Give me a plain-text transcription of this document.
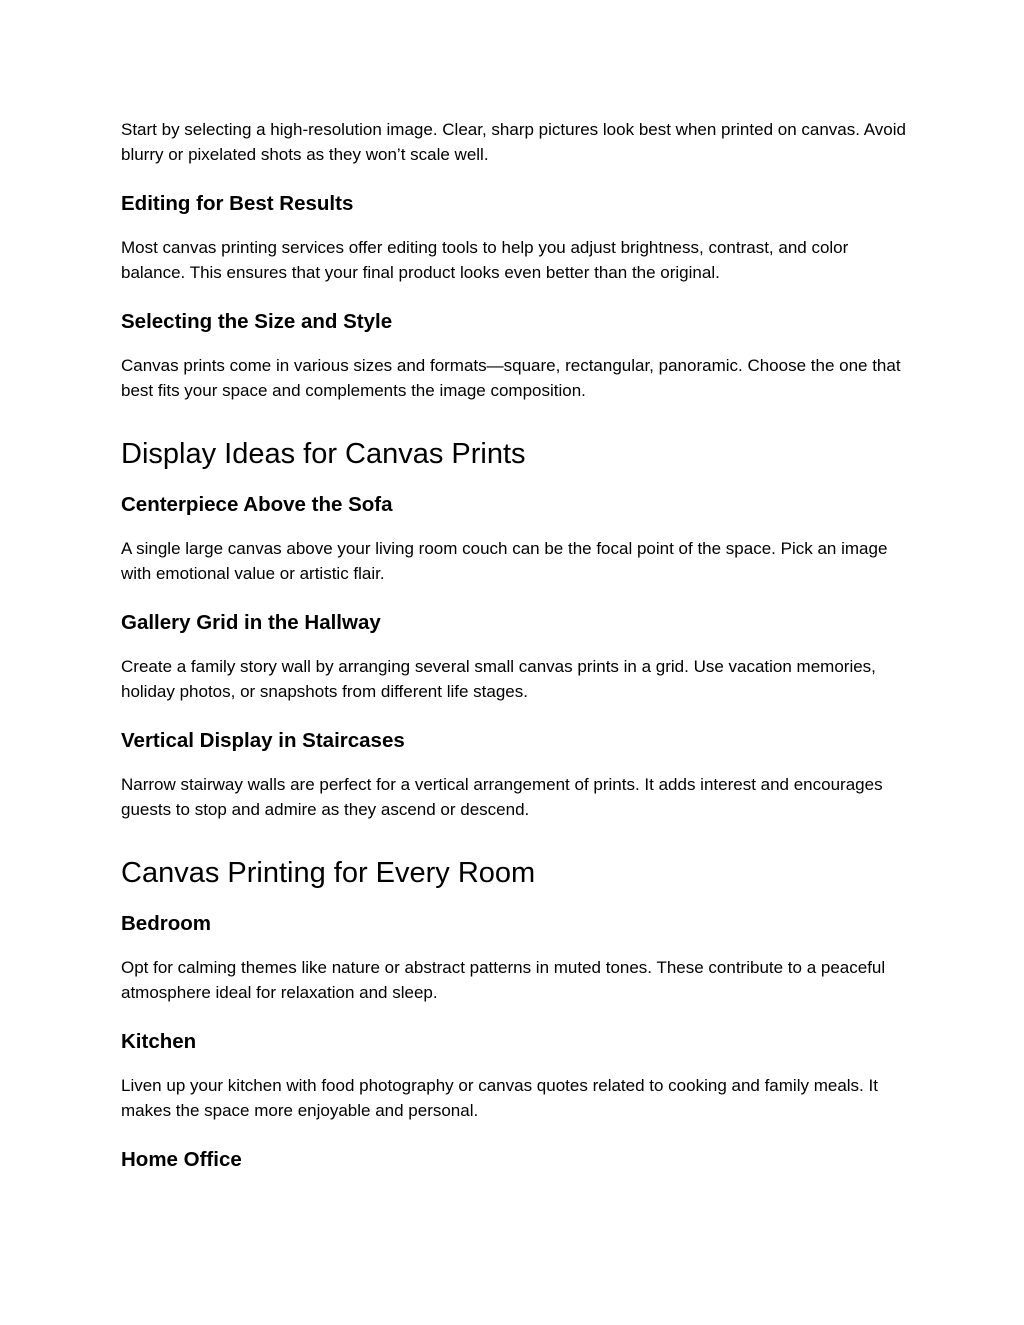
Start by selecting a high-resolution image. Clear, sharp pictures look best when printed on canvas. Avoid blurry or pixelated shots as they won’t scale well.

Editing for Best Results

Most canvas printing services offer editing tools to help you adjust brightness, contrast, and color balance. This ensures that your final product looks even better than the original.

Selecting the Size and Style

Canvas prints come in various sizes and formats—square, rectangular, panoramic. Choose the one that best fits your space and complements the image composition.

Display Ideas for Canvas Prints
Centerpiece Above the Sofa

A single large canvas above your living room couch can be the focal point of the space. Pick an image with emotional value or artistic flair.

Gallery Grid in the Hallway

Create a family story wall by arranging several small canvas prints in a grid. Use vacation memories, holiday photos, or snapshots from different life stages.

Vertical Display in Staircases

Narrow stairway walls are perfect for a vertical arrangement of prints. It adds interest and encourages guests to stop and admire as they ascend or descend.

Canvas Printing for Every Room
Bedroom

Opt for calming themes like nature or abstract patterns in muted tones. These contribute to a peaceful atmosphere ideal for relaxation and sleep.

Kitchen

Liven up your kitchen with food photography or canvas quotes related to cooking and family meals. It makes the space more enjoyable and personal.

Home Office
